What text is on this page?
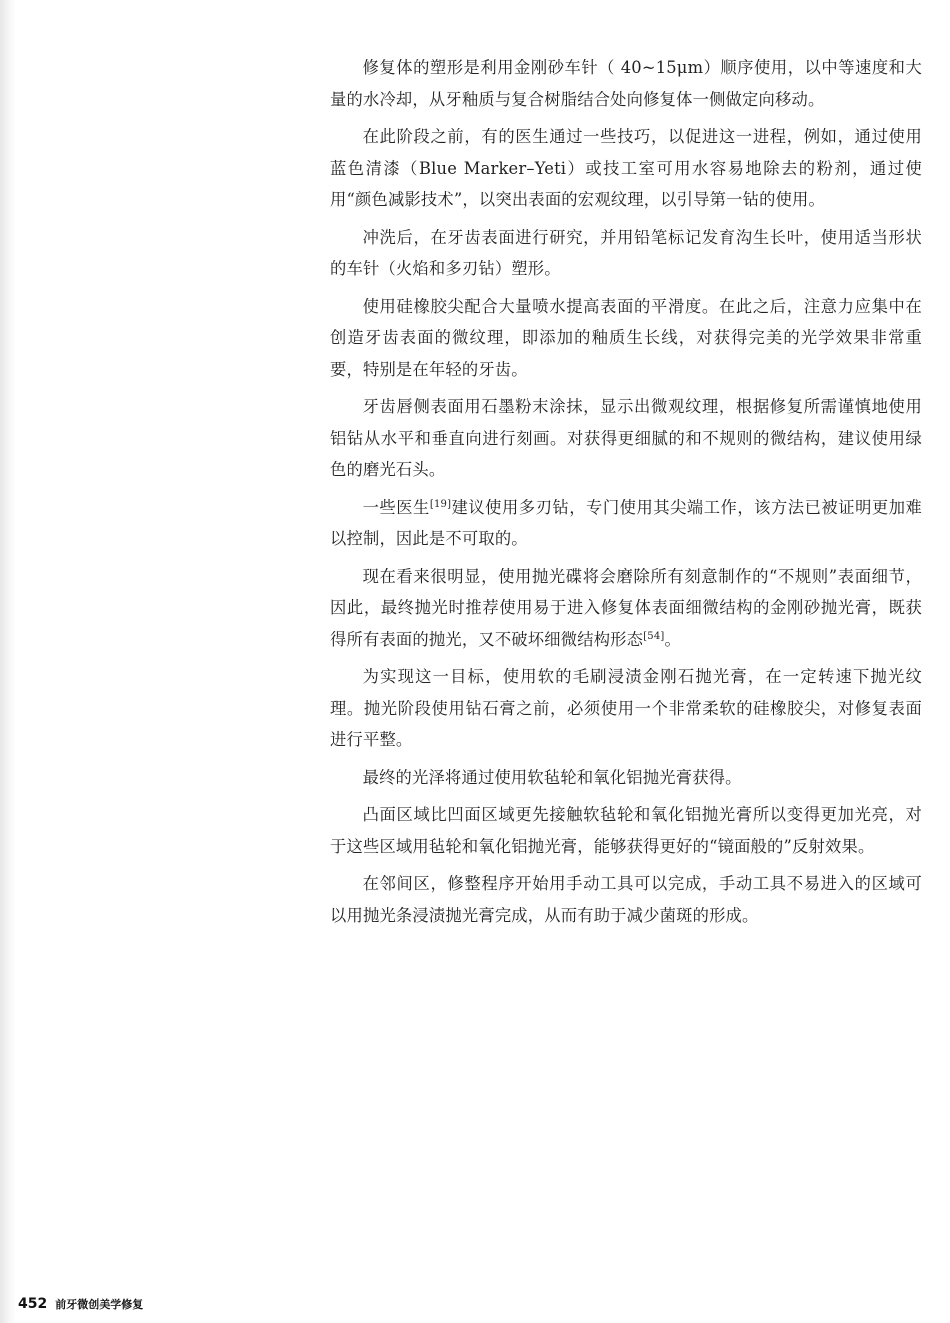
修复体的塑形是利用金刚砂车针（ 40~15μm）顺序使用，以中等速度和大量的水冷却，从牙釉质与复合树脂结合处向修复体一侧做定向移动。

在此阶段之前，有的医生通过一些技巧，以促进这一进程，例如，通过使用蓝色清漆（Blue Marker–Yeti）或技工室可用水容易地除去的粉剂，通过使用“颜色减影技术”，以突出表面的宏观纹理，以引导第一钻的使用。

冲洗后，在牙齿表面进行研究，并用铅笔标记发育沟生长叶，使用适当形状的车针（火焰和多刃钻）塑形。

使用硅橡胶尖配合大量喷水提高表面的平滑度。在此之后，注意力应集中在创造牙齿表面的微纹理，即添加的釉质生长线，对获得完美的光学效果非常重要，特别是在年轻的牙齿。

牙齿唇侧表面用石墨粉末涂抹，显示出微观纹理，根据修复所需谨慎地使用铝钻从水平和垂直向进行刻画。对获得更细腻的和不规则的微结构，建议使用绿色的磨光石头。

一些医生[19]建议使用多刃钻，专门使用其尖端工作，该方法已被证明更加难以控制，因此是不可取的。

现在看来很明显，使用抛光碟将会磨除所有刻意制作的“不规则”表面细节，因此，最终抛光时推荐使用易于进入修复体表面细微结构的金刚砂抛光膏，既获得所有表面的抛光，又不破坏细微结构形态[54]。

为实现这一目标，使用软的毛刷浸渍金刚石抛光膏，在一定转速下抛光纹理。抛光阶段使用钻石膏之前，必须使用一个非常柔软的硅橡胶尖，对修复表面进行平整。

最终的光泽将通过使用软毡轮和氧化铝抛光膏获得。

凸面区域比凹面区域更先接触软毡轮和氧化铝抛光膏所以变得更加光亮，对于这些区域用毡轮和氧化铝抛光膏，能够获得更好的“镜面般的”反射效果。

在邻间区，修整程序开始用手动工具可以完成，手动工具不易进入的区域可以用抛光条浸渍抛光膏完成，从而有助于减少菌斑的形成。

452 前牙微创美学修复
